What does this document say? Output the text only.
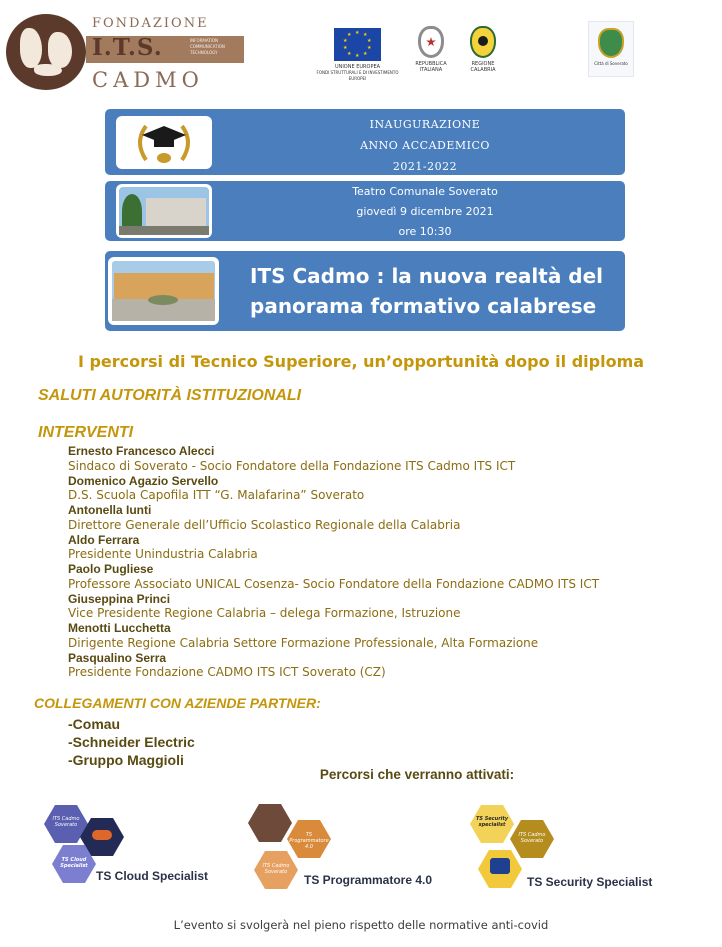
FONDAZIONE
I.T.S.	INFORMATION COMMUNICATION TECHNOLOGY
CADMO
★ ★
★
★
★
★
★
★
★
★
UNIONE EUROPEA
FONDI STRUTTURALI E DI INVESTIMENTO EUROPEI
REPUBBLICA
ITALIANA
REGIONE
CALABRIA
Città di Soverato
INAUGURAZIONE
ANNO ACCADEMICO
2021-2022
Teatro Comunale Soverato
giovedì 9 dicembre 2021
ore 10:30
ITS Cadmo : la nuova realtà del
panorama formativo calabrese
I percorsi di Tecnico Superiore, un’opportunità dopo il diploma
SALUTI AUTORITÀ ISTITUZIONALI
INTERVENTI
Ernesto Francesco Alecci
Sindaco di Soverato - Socio Fondatore della Fondazione ITS Cadmo ITS ICT
Domenico Agazio Servello
D.S. Scuola Capofila ITT “G. Malafarina” Soverato
Antonella Iunti
Direttore Generale dell’Ufficio Scolastico Regionale della Calabria
Aldo Ferrara
Presidente Unindustria Calabria
Paolo Pugliese
Professore Associato UNICAL Cosenza- Socio Fondatore della Fondazione CADMO ITS ICT
Giuseppina Princi
Vice Presidente Regione Calabria – delega Formazione, Istruzione
Menotti Lucchetta
Dirigente Regione Calabria Settore Formazione Professionale, Alta Formazione
Pasqualino Serra
Presidente Fondazione CADMO ITS ICT Soverato (CZ)
COLLEGAMENTI CON AZIENDE PARTNER:
-Comau
-Schneider Electric
-Gruppo Maggioli
Percorsi che verranno attivati:
ITS Cadmo Soverato
TS Cloud Specialist
TS Cloud Specialist
TS Programmatore 4.0
ITS Cadmo Soverato
TS Programmatore 4.0
TS Security specialist
ITS Cadmo Soverato
TS Security Specialist
L’evento si svolgerà nel pieno rispetto delle normative anti-covid
